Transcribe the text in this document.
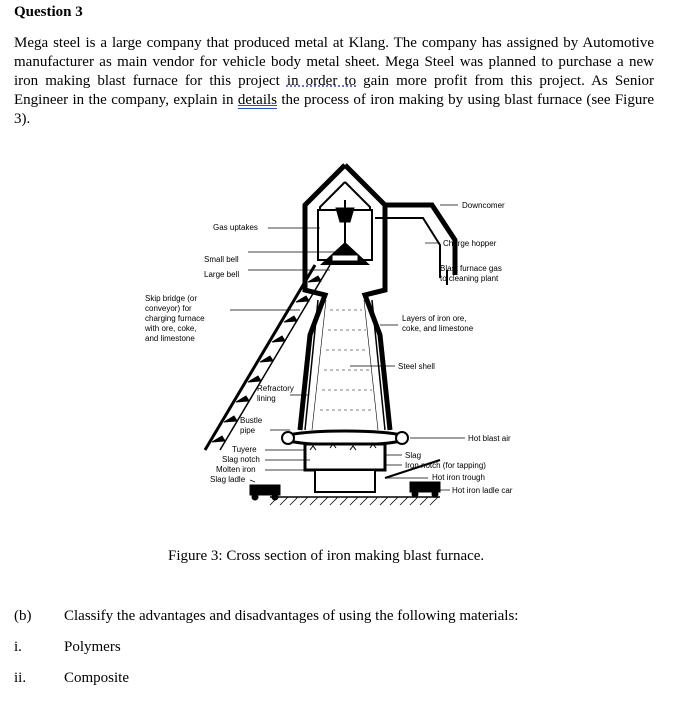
Question 3
Mega steel is a large company that produced metal at Klang. The company has assigned by Automotive manufacturer as main vendor for vehicle body metal sheet. Mega Steel was planned to purchase a new iron making blast furnace for this project in order to gain more profit from this project. As Senior Engineer in the company, explain in details the process of iron making by using blast furnace (see Figure 3).
Downcomer
Gas uptakes
Charge hopper
Small bell
Large bell
Blast furnace gas
to cleaning plant
Skip bridge (or
conveyor) for
charging furnace
with ore, coke,
and limestone
Layers of iron ore,
coke, and limestone
Steel shell
Refractory
lining
Bustle
pipe
Hot blast air
Tuyere
Slag notch
Molten iron
Slag ladle
Slag
Iron notch (for tapping)
Hot iron trough
Hot iron ladle car
Figure 3: Cross section of iron making blast furnace.
(b) Classify the advantages and disadvantages of using the following materials:
i.	Polymers
ii.	Composite
